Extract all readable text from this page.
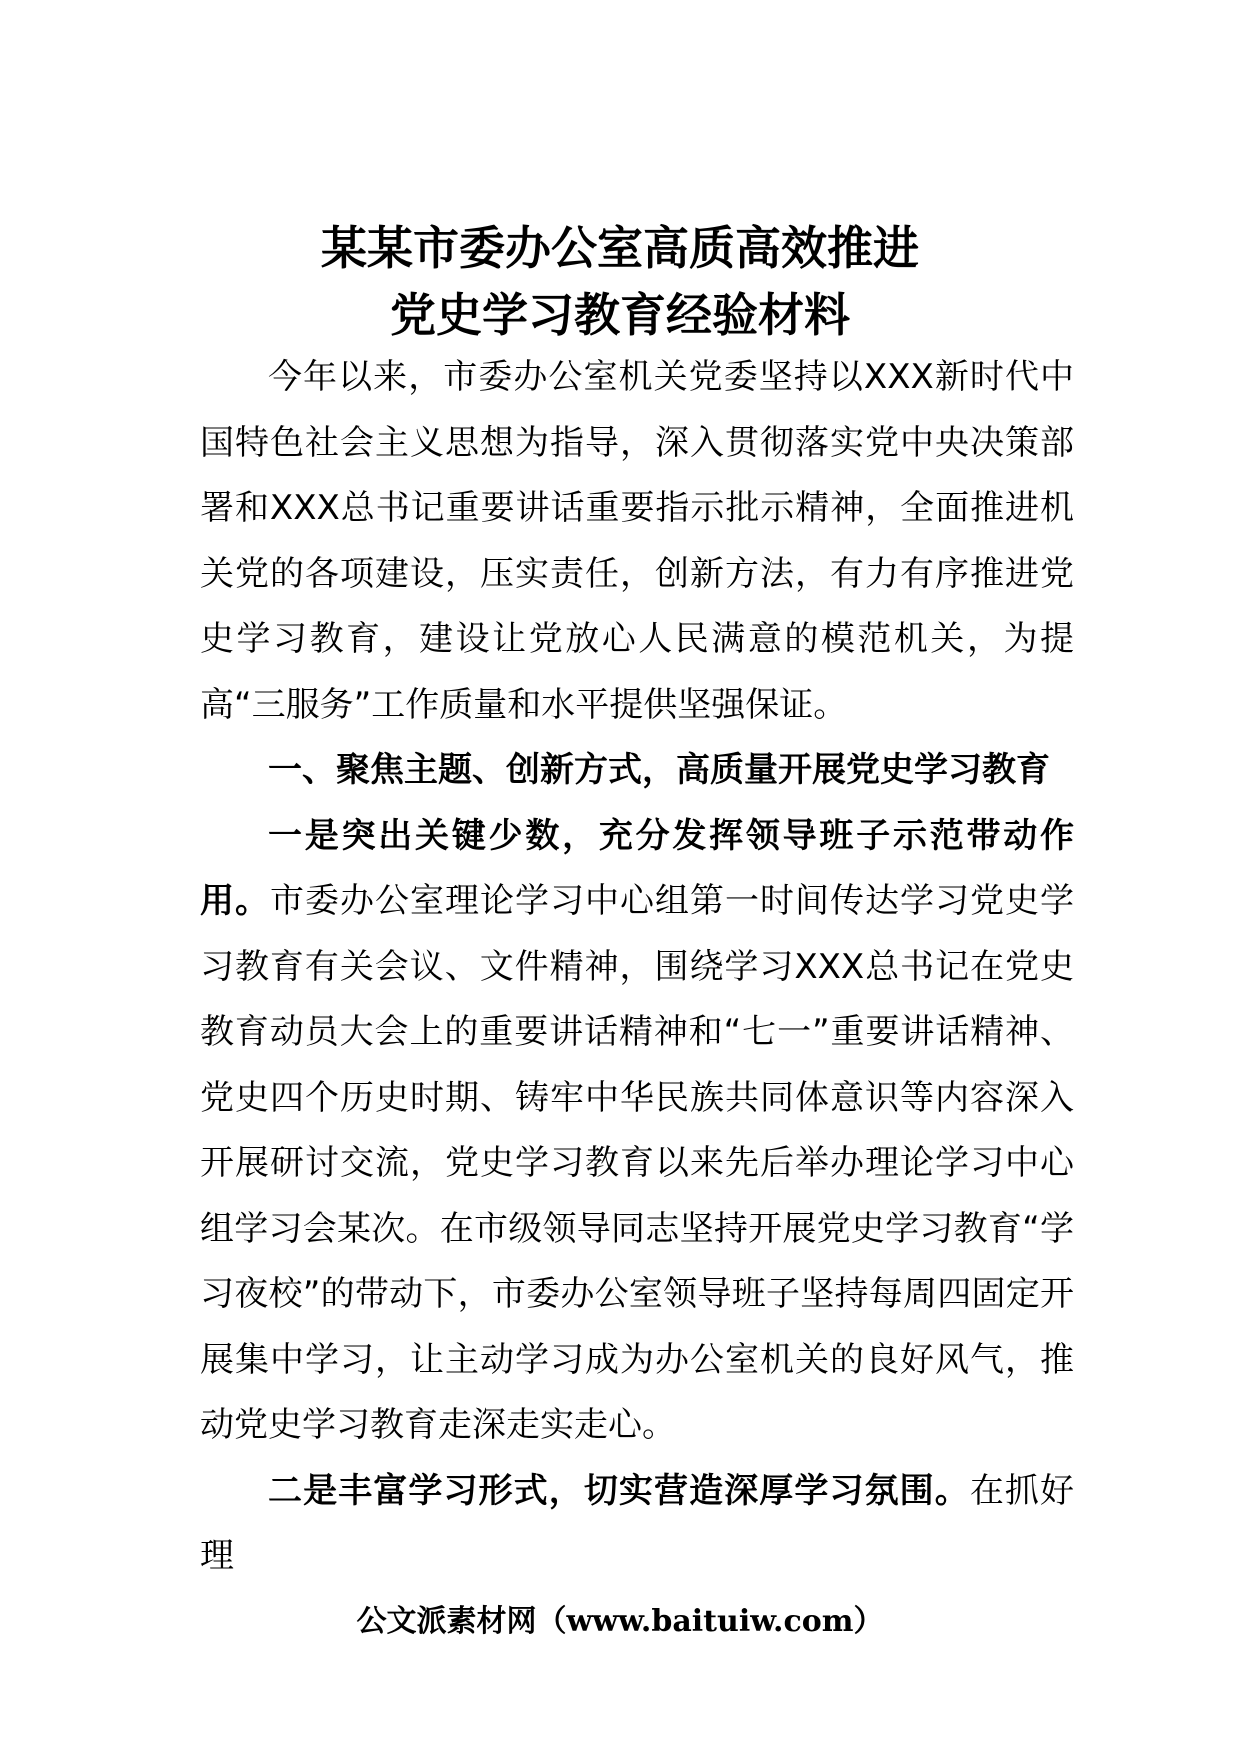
某某市委办公室高质高效推进
党史学习教育经验材料

今年以来，市委办公室机关党委坚持以XXX新时代中国特色社会主义思想为指导，深入贯彻落实党中央决策部署和XXX总书记重要讲话重要指示批示精神，全面推进机关党的各项建设，压实责任，创新方法，有力有序推进党史学习教育，建设让党放心人民满意的模范机关，为提高“三服务”工作质量和水平提供坚强保证。

一、聚焦主题、创新方式，高质量开展党史学习教育

一是突出关键少数，充分发挥领导班子示范带动作用。市委办公室理论学习中心组第一时间传达学习党史学习教育有关会议、文件精神，围绕学习XXX总书记在党史教育动员大会上的重要讲话精神和“七一”重要讲话精神、党史四个历史时期、铸牢中华民族共同体意识等内容深入开展研讨交流，党史学习教育以来先后举办理论学习中心组学习会某次。在市级领导同志坚持开展党史学习教育“学习夜校”的带动下，市委办公室领导班子坚持每周四固定开展集中学习，让主动学习成为办公室机关的良好风气，推动党史学习教育走深走实走心。

二是丰富学习形式，切实营造深厚学习氛围。在抓好理

公文派素材网（www.baituiw.com）
